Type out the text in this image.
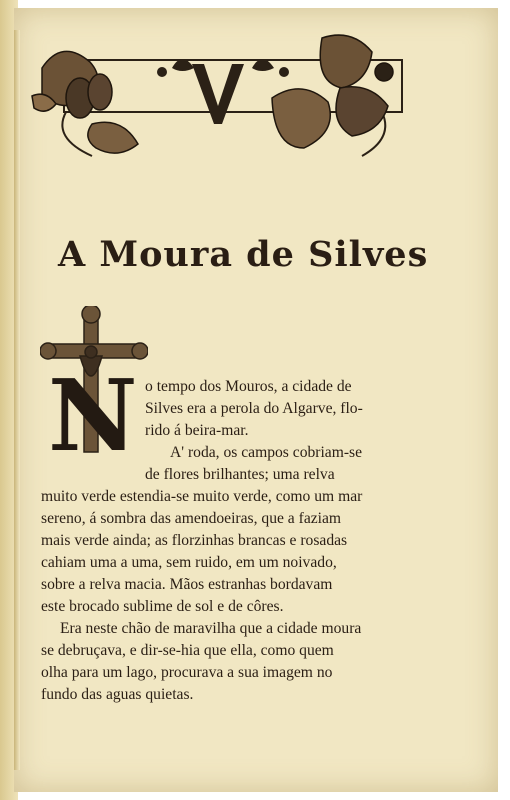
A Moura de Silves
N o tempo dos Mouros, a cidade de
Silves era a perola do Algarve, flo-
rido á beira-mar.
A' roda, os campos cobriam-se
de flores brilhantes; uma relva
muito verde estendia-se muito verde, como um mar
sereno, á sombra das amendoeiras, que a faziam
mais verde ainda; as florzinhas brancas e rosadas
cahiam uma a uma, sem ruido, em um noivado,
sobre a relva macia. Mãos estranhas bordavam
este brocado sublime de sol e de côres.
Era neste chão de maravilha que a cidade moura
se debruçava, e dir-se-hia que ella, como quem
olha para um lago, procurava a sua imagem no
fundo das aguas quietas.
